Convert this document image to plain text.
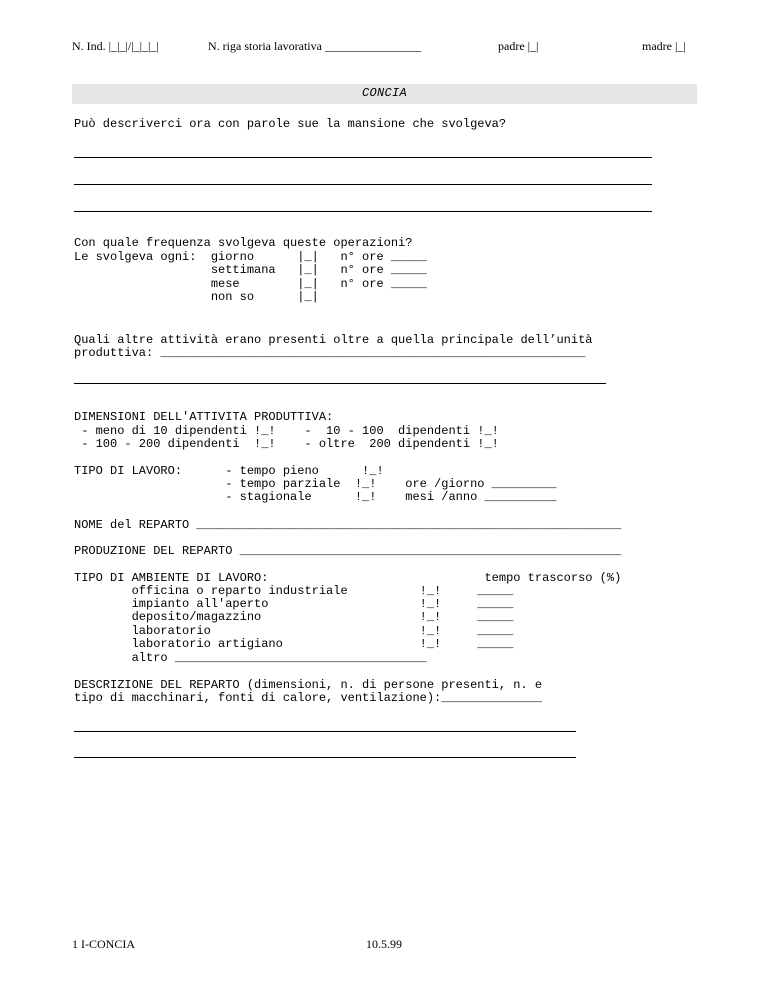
N. Ind. |_|_|/|_|_|_|	N. riga storia lavorativa ________________	padre |_|	madre |_|
CONCIA
Può descriverci ora con parole sue la mansione che svolgeva?
Con quale frequenza svolgeva queste operazioni?
Le svolgeva ogni:  giorno      |_|   n° ore _____
settimana   |_|   n° ore _____
mese        |_|   n° ore _____
non so      |_|
Quali altre attività erano presenti oltre a quella principale dell’unità
produttiva: ___________________________________________________________
DIMENSIONI DELL'ATTIVITA PRODUTTIVA:
- meno di 10 dipendenti !_!    -  10 - 100  dipendenti !_!
- 100 - 200 dipendenti  !_!    - oltre  200 dipendenti !_!
TIPO DI LAVORO:      - tempo pieno      !_!
- tempo parziale  !_!    ore /giorno _________
- stagionale      !_!    mesi /anno __________
NOME del REPARTO ___________________________________________________________
PRODUZIONE DEL REPARTO _____________________________________________________
TIPO DI AMBIENTE DI LAVORO:                              tempo trascorso (%)
officina o reparto industriale          !_!     _____
impianto all'aperto                     !_!     _____
deposito/magazzino                      !_!     _____
laboratorio                             !_!     _____
laboratorio artigiano                   !_!     _____
altro ___________________________________
DESCRIZIONE DEL REPARTO (dimensioni, n. di persone presenti, n. e
tipo di macchinari, fonti di calore, ventilazione):______________
1 I-CONCIA	10.5.99
